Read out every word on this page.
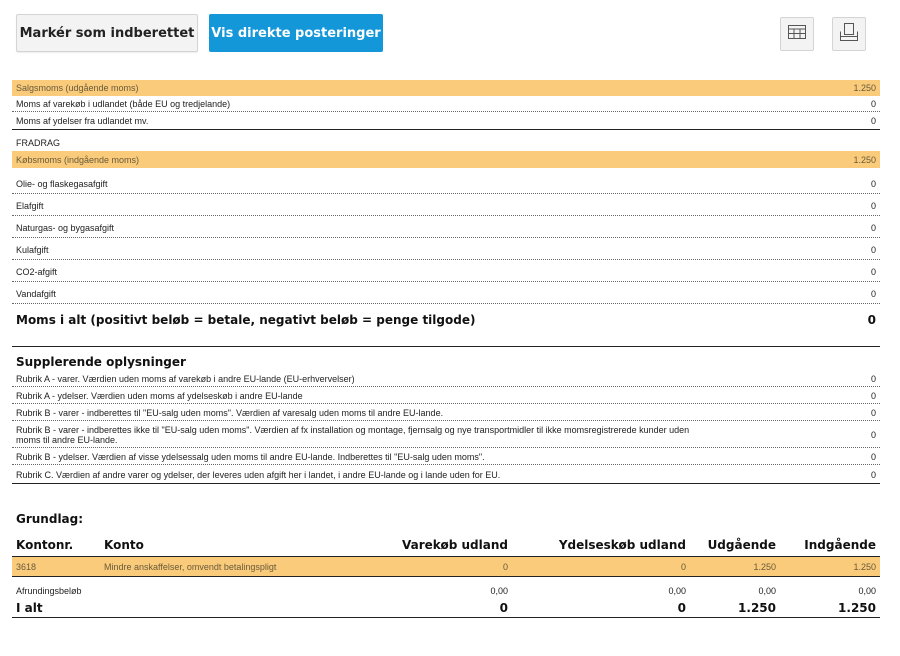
Markér som indberettet Vis direkte posteringer
Salgsmoms (udgående moms)	1.250
Moms af varekøb i udlandet (både EU og tredjelande)	0
Moms af ydelser fra udlandet mv.	0
FRADRAG
Købsmoms (indgående moms)	1.250
Olie- og flaskegasafgift	0
Elafgift	0
Naturgas- og bygasafgift	0
Kulafgift	0
CO2-afgift	0
Vandafgift	0
Moms i alt (positivt beløb = betale, negativt beløb = penge tilgode)	0
Supplerende oplysninger
Rubrik A - varer. Værdien uden moms af varekøb i andre EU-lande (EU-erhvervelser)	0
Rubrik A - ydelser. Værdien uden moms af ydelseskøb i andre EU-lande	0
Rubrik B - varer - indberettes til "EU-salg uden moms". Værdien af varesalg uden moms til andre EU-lande.	0
Rubrik B - varer - indberettes ikke til "EU-salg uden moms". Værdien af fx installation og montage, fjernsalg og nye transportmidler til ikke momsregistrerede kunder uden
moms til andre EU-lande.	0
Rubrik B - ydelser. Værdien af visse ydelsessalg uden moms til andre EU-lande. Indberettes til "EU-salg uden moms".	0
Rubrik C. Værdien af andre varer og ydelser, der leveres uden afgift her i landet, i andre EU-lande og i lande uden for EU.	0
Grundlag:
Kontonr.	Konto	Varekøb udland	Ydelseskøb udland	Udgående	Indgående
3618	Mindre anskaffelser, omvendt betalingspligt	0	0	1.250	1.250
Afrundingsbeløb		0,00	0,00	0,00	0,00
I alt		0	0	1.250	1.250
